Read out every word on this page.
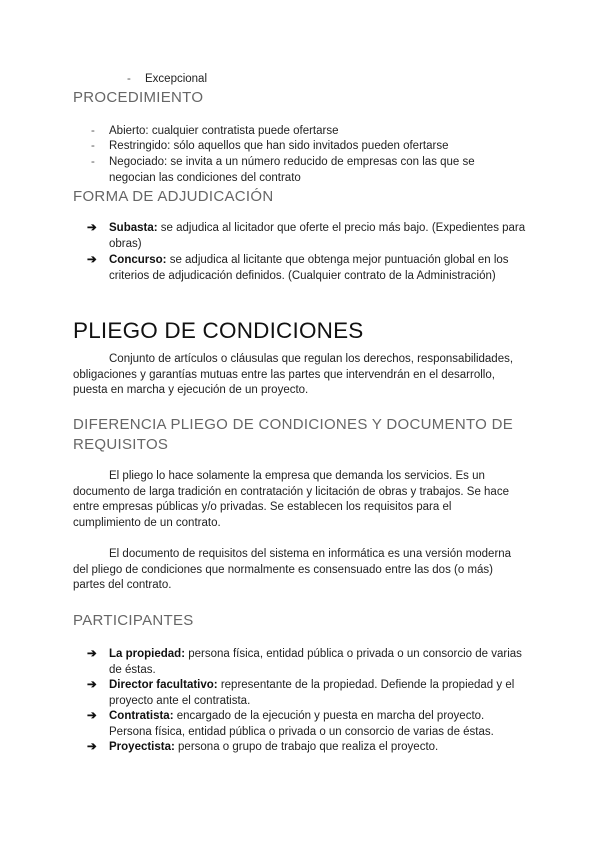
- Excepcional
PROCEDIMIENTO
- Abierto: cualquier contratista puede ofertarse
- Restringido: sólo aquellos que han sido invitados pueden ofertarse
- Negociado: se invita a un número reducido de empresas con las que se negocian las condiciones del contrato
FORMA DE ADJUDICACIÓN
➔ Subasta: se adjudica al licitador que oferte el precio más bajo. (Expedientes para obras)
➔ Concurso: se adjudica al licitante que obtenga mejor puntuación global en los criterios de adjudicación definidos. (Cualquier contrato de la Administración)
PLIEGO DE CONDICIONES

Conjunto de artículos o cláusulas que regulan los derechos, responsabilidades, obligaciones y garantías mutuas entre las partes que intervendrán en el desarrollo, puesta en marcha y ejecución de un proyecto.

DIFERENCIA PLIEGO DE CONDICIONES Y DOCUMENTO DE REQUISITOS

El pliego lo hace solamente la empresa que demanda los servicios. Es un documento de larga tradición en contratación y licitación de obras y trabajos. Se hace entre empresas públicas y/o privadas. Se establecen los requisitos para el cumplimiento de un contrato.

El documento de requisitos del sistema en informática es una versión moderna del pliego de condiciones que normalmente es consensuado entre las dos (o más) partes del contrato.

PARTICIPANTES
➔ La propiedad: persona física, entidad pública o privada o un consorcio de varias de éstas.
➔ Director facultativo: representante de la propiedad. Defiende la propiedad y el proyecto ante el contratista.
➔ Contratista: encargado de la ejecución y puesta en marcha del proyecto. Persona física, entidad pública o privada o un consorcio de varias de éstas.
➔ Proyectista: persona o grupo de trabajo que realiza el proyecto.
